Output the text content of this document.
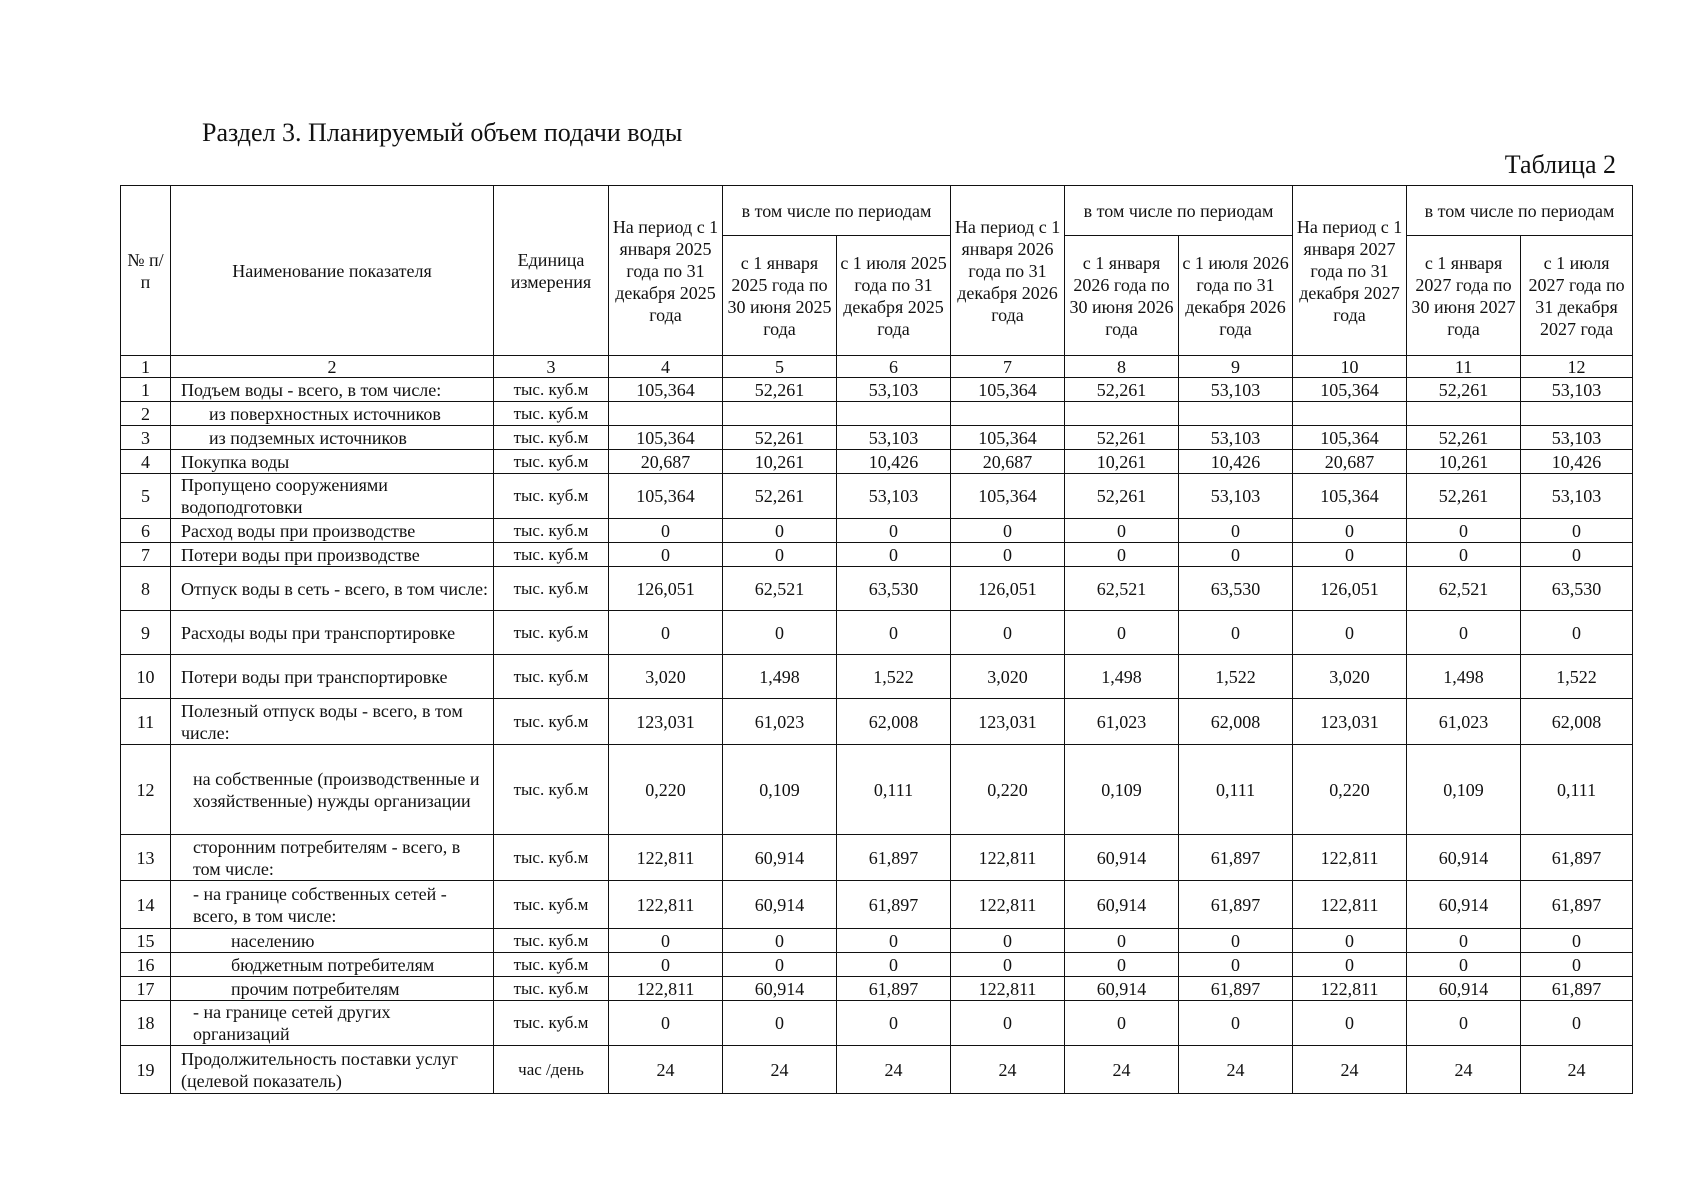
Раздел 3. Планируемый объем подачи воды
Таблица 2
№ п/п	Наименование показателя	Единица измерения	На период с 1 января 2025 года по 31 декабря 2025 года	в том числе по периодам		На период с 1 января 2026 года по 31 декабря 2026 года	в том числе по периодам		На период с 1 января 2027 года по 31 декабря 2027 года	в том числе по периодам	
				с 1 января 2025 года по 30 июня 2025 года	с 1 июля 2025 года по 31 декабря 2025 года		с 1 января 2026 года по 30 июня 2026 года	с 1 июля 2026 года по 31 декабря 2026 года		с 1 января 2027 года по 30 июня 2027 года	с 1 июля 2027 года по 31 декабря 2027 года
1	2	3	4	5	6	7	8	9	10	11	12
1	Подъем воды - всего, в том числе:	тыс. куб.м	105,364	52,261	53,103	105,364	52,261	53,103	105,364	52,261	53,103
2	из поверхностных источников	тыс. куб.м									
3	из подземных источников	тыс. куб.м	105,364	52,261	53,103	105,364	52,261	53,103	105,364	52,261	53,103
4	Покупка воды	тыс. куб.м	20,687	10,261	10,426	20,687	10,261	10,426	20,687	10,261	10,426
5	Пропущено сооружениями водоподготовки	тыс. куб.м	105,364	52,261	53,103	105,364	52,261	53,103	105,364	52,261	53,103
6	Расход воды при производстве	тыс. куб.м	0	0	0	0	0	0	0	0	0
7	Потери воды при производстве	тыс. куб.м	0	0	0	0	0	0	0	0	0
8	Отпуск воды в сеть - всего, в том числе:	тыс. куб.м	126,051	62,521	63,530	126,051	62,521	63,530	126,051	62,521	63,530
9	Расходы воды при транспортировке	тыс. куб.м	0	0	0	0	0	0	0	0	0
10	Потери воды при транспортировке	тыс. куб.м	3,020	1,498	1,522	3,020	1,498	1,522	3,020	1,498	1,522
11	Полезный отпуск воды - всего, в том числе:	тыс. куб.м	123,031	61,023	62,008	123,031	61,023	62,008	123,031	61,023	62,008
12	на собственные (производственные и хозяйственные) нужды организации	тыс. куб.м	0,220	0,109	0,111	0,220	0,109	0,111	0,220	0,109	0,111
13	сторонним потребителям - всего, в том числе:	тыс. куб.м	122,811	60,914	61,897	122,811	60,914	61,897	122,811	60,914	61,897
14	- на границе собственных сетей - всего, в том числе:	тыс. куб.м	122,811	60,914	61,897	122,811	60,914	61,897	122,811	60,914	61,897
15	населению	тыс. куб.м	0	0	0	0	0	0	0	0	0
16	бюджетным потребителям	тыс. куб.м	0	0	0	0	0	0	0	0	0
17	прочим потребителям	тыс. куб.м	122,811	60,914	61,897	122,811	60,914	61,897	122,811	60,914	61,897
18	- на границе сетей других организаций	тыс. куб.м	0	0	0	0	0	0	0	0	0
19	Продолжительность поставки услуг (целевой показатель)	час /день	24	24	24	24	24	24	24	24	24
